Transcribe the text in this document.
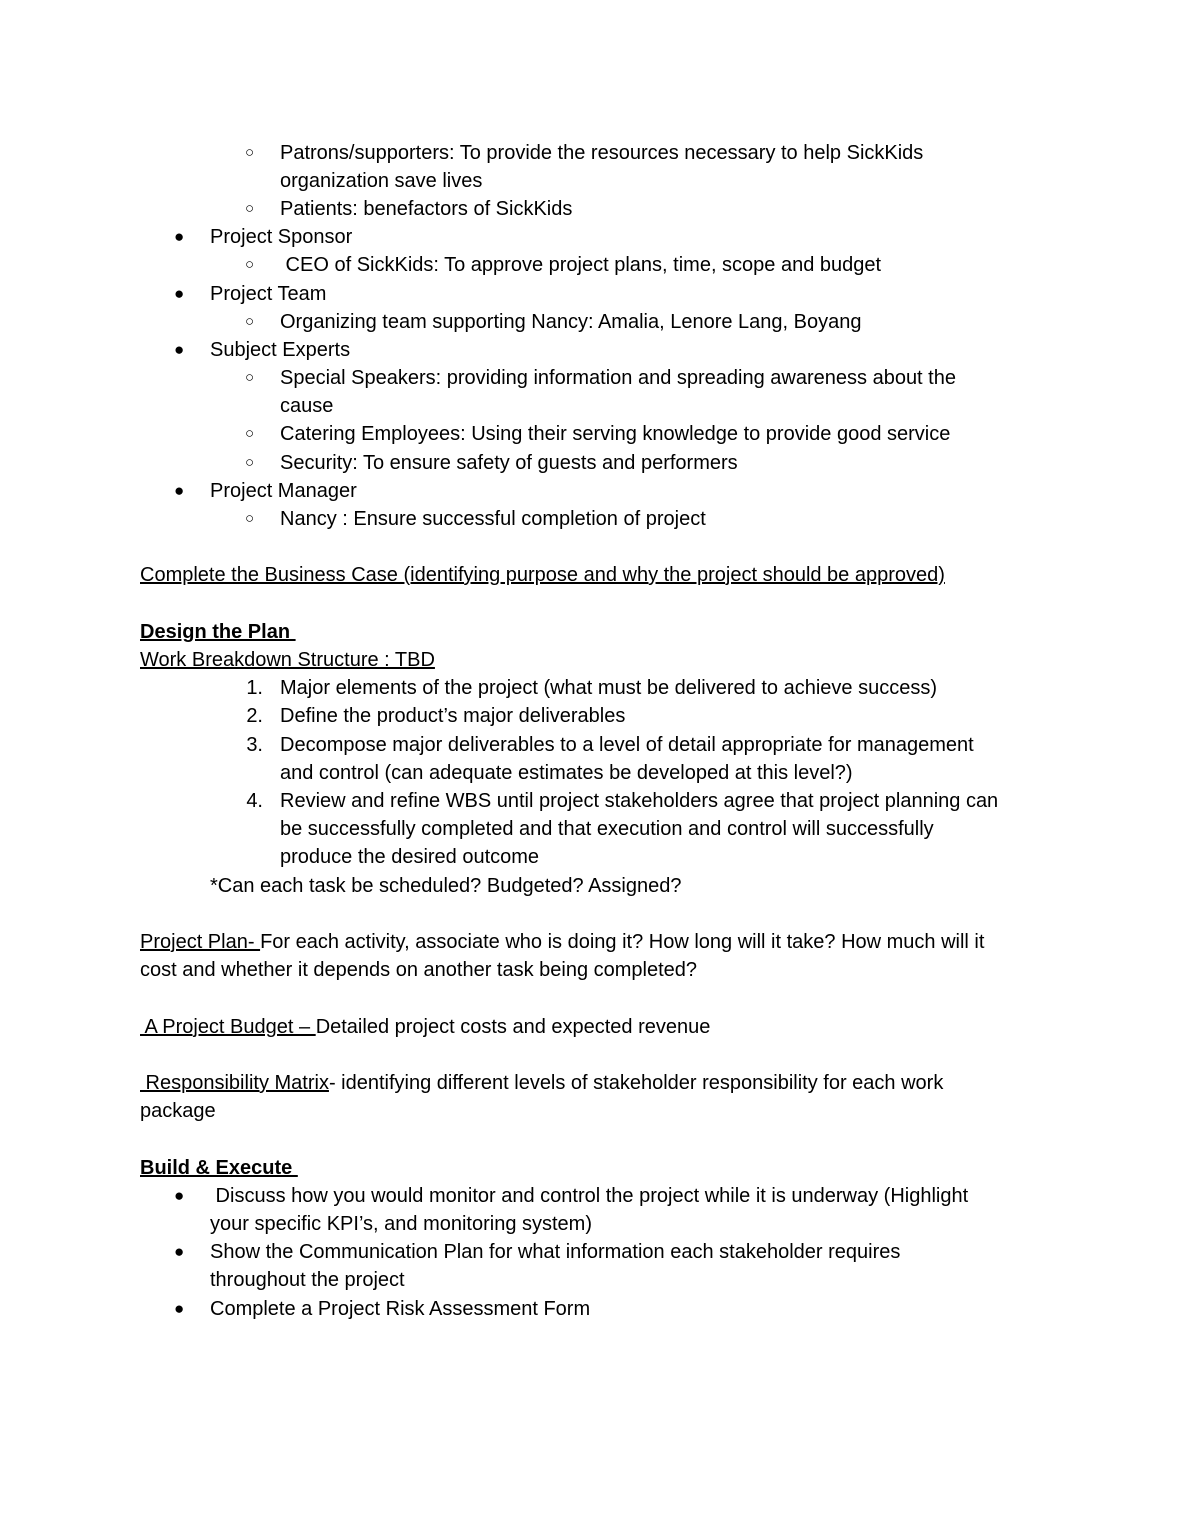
○	Patrons/supporters: To provide the resources necessary to help SickKids
organization save lives
○	Patients: benefactors of SickKids
●	Project Sponsor
○	CEO of SickKids: To approve project plans, time, scope and budget
●	Project Team
○	Organizing team supporting Nancy: Amalia, Lenore Lang, Boyang
●	Subject Experts
○	Special Speakers: providing information and spreading awareness about the
cause
○	Catering Employees: Using their serving knowledge to provide good service
○	Security: To ensure safety of guests and performers
●	Project Manager
○	Nancy : Ensure successful completion of project
Complete the Business Case (identifying purpose and why the project should be approved)
Design the Plan
Work Breakdown Structure : TBD
1. Major elements of the project (what must be delivered to achieve success)
2. Define the product’s major deliverables
3. Decompose major deliverables to a level of detail appropriate for management
and control (can adequate estimates be developed at this level?)
4. Review and refine WBS until project stakeholders agree that project planning can
be successfully completed and that execution and control will successfully
produce the desired outcome
*Can each task be scheduled? Budgeted? Assigned?
Project Plan- For each activity, associate who is doing it? How long will it take? How much will it
cost and whether it depends on another task being completed?
A Project Budget – Detailed project costs and expected revenue
Responsibility Matrix- identifying different levels of stakeholder responsibility for each work
package
Build & Execute
●	Discuss how you would monitor and control the project while it is underway (Highlight
your specific KPI’s, and monitoring system)
●	Show the Communication Plan for what information each stakeholder requires
throughout the project
●	Complete a Project Risk Assessment Form
